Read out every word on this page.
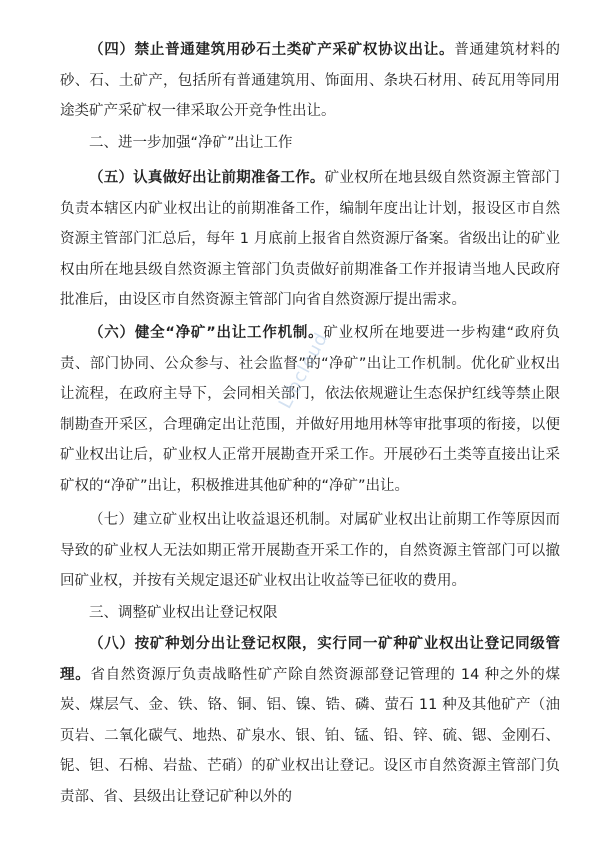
（四）禁止普通建筑用砂石土类矿产采矿权协议出让。普通建筑材料的砂、石、土矿产，包括所有普通建筑用、饰面用、条块石材用、砖瓦用等同用途类矿产采矿权一律采取公开竞争性出让。

二、进一步加强“净矿”出让工作

（五）认真做好出让前期准备工作。矿业权所在地县级自然资源主管部门负责本辖区内矿业权出让的前期准备工作，编制年度出让计划，报设区市自然资源主管部门汇总后，每年 1 月底前上报省自然资源厅备案。省级出让的矿业权由所在地县级自然资源主管部门负责做好前期准备工作并报请当地人民政府批准后，由设区市自然资源主管部门向省自然资源厅提出需求。

（六）健全“净矿”出让工作机制。矿业权所在地要进一步构建“政府负责、部门协同、公众参与、社会监督”的“净矿”出让工作机制。优化矿业权出让流程，在政府主导下，会同相关部门，依法依规避让生态保护红线等禁止限制勘查开采区，合理确定出让范围，并做好用地用林等审批事项的衔接，以便矿业权出让后，矿业权人正常开展勘查开采工作。开展砂石土类等直接出让采矿权的“净矿”出让，积极推进其他矿种的“净矿”出让。

（七）建立矿业权出让收益退还机制。对属矿业权出让前期工作等原因而导致的矿业权人无法如期正常开展勘查开采工作的，自然资源主管部门可以撤回矿业权，并按有关规定退还矿业权出让收益等已征收的费用。

三、调整矿业权出让登记权限

（八）按矿种划分出让登记权限，实行同一矿种矿业权出让登记同级管理。省自然资源厅负责战略性矿产除自然资源部登记管理的 14 种之外的煤炭、煤层气、金、铁、铬、铜、铝、镍、锆、磷、萤石 11 种及其他矿产（油页岩、二氧化碳气、地热、矿泉水、银、铂、锰、铅、锌、硫、锶、金刚石、铌、钽、石棉、岩盐、芒硝）的矿业权出让登记。设区市自然资源主管部门负责部、省、县级出让登记矿种以外的

Libcloud
